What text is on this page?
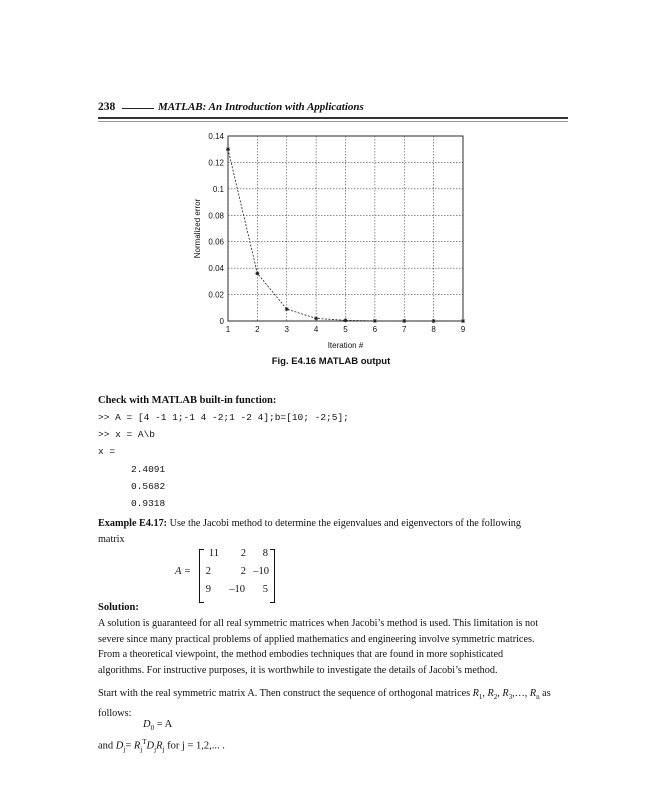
238	MATLAB: An Introduction with Applications
1	2	3	4	5	6	7	8	9
0
0.02
0.04
0.06
0.08
0.1
0.12
0.14
Iteration #
Normalized error
Fig. E4.16 MATLAB output
Check with MATLAB built-in function:
>> A = [4 -1 1;-1 4 -2;1 -2 4];b=[10; -2;5];
>> x = A\b
x =
2.4091
0.5682
0.9318
Example E4.17: Use the Jacobi method to determine the eigenvalues and eigenvectors of the following
matrix
A =
11	2	8
2	2 –10
9	–10	5
Solution:
A solution is guaranteed for all real symmetric matrices when Jacobi’s method is used. This limitation is not
severe since many practical problems of applied mathematics and engineering involve symmetric matrices.
From a theoretical viewpoint, the method embodies techniques that are found in more sophisticated
algorithms. For instructive purposes, it is worthwhile to investigate the details of Jacobi’s method.
Start with the real symmetric matrix A. Then construct the sequence of orthogonal matrices $R_1$, $R_2$, $R_3,\dots$, $R_n$ as
follows:
$D_0 = A$
and $D_j= R_j^TD_jR_j$ for j = 1,2,... .
